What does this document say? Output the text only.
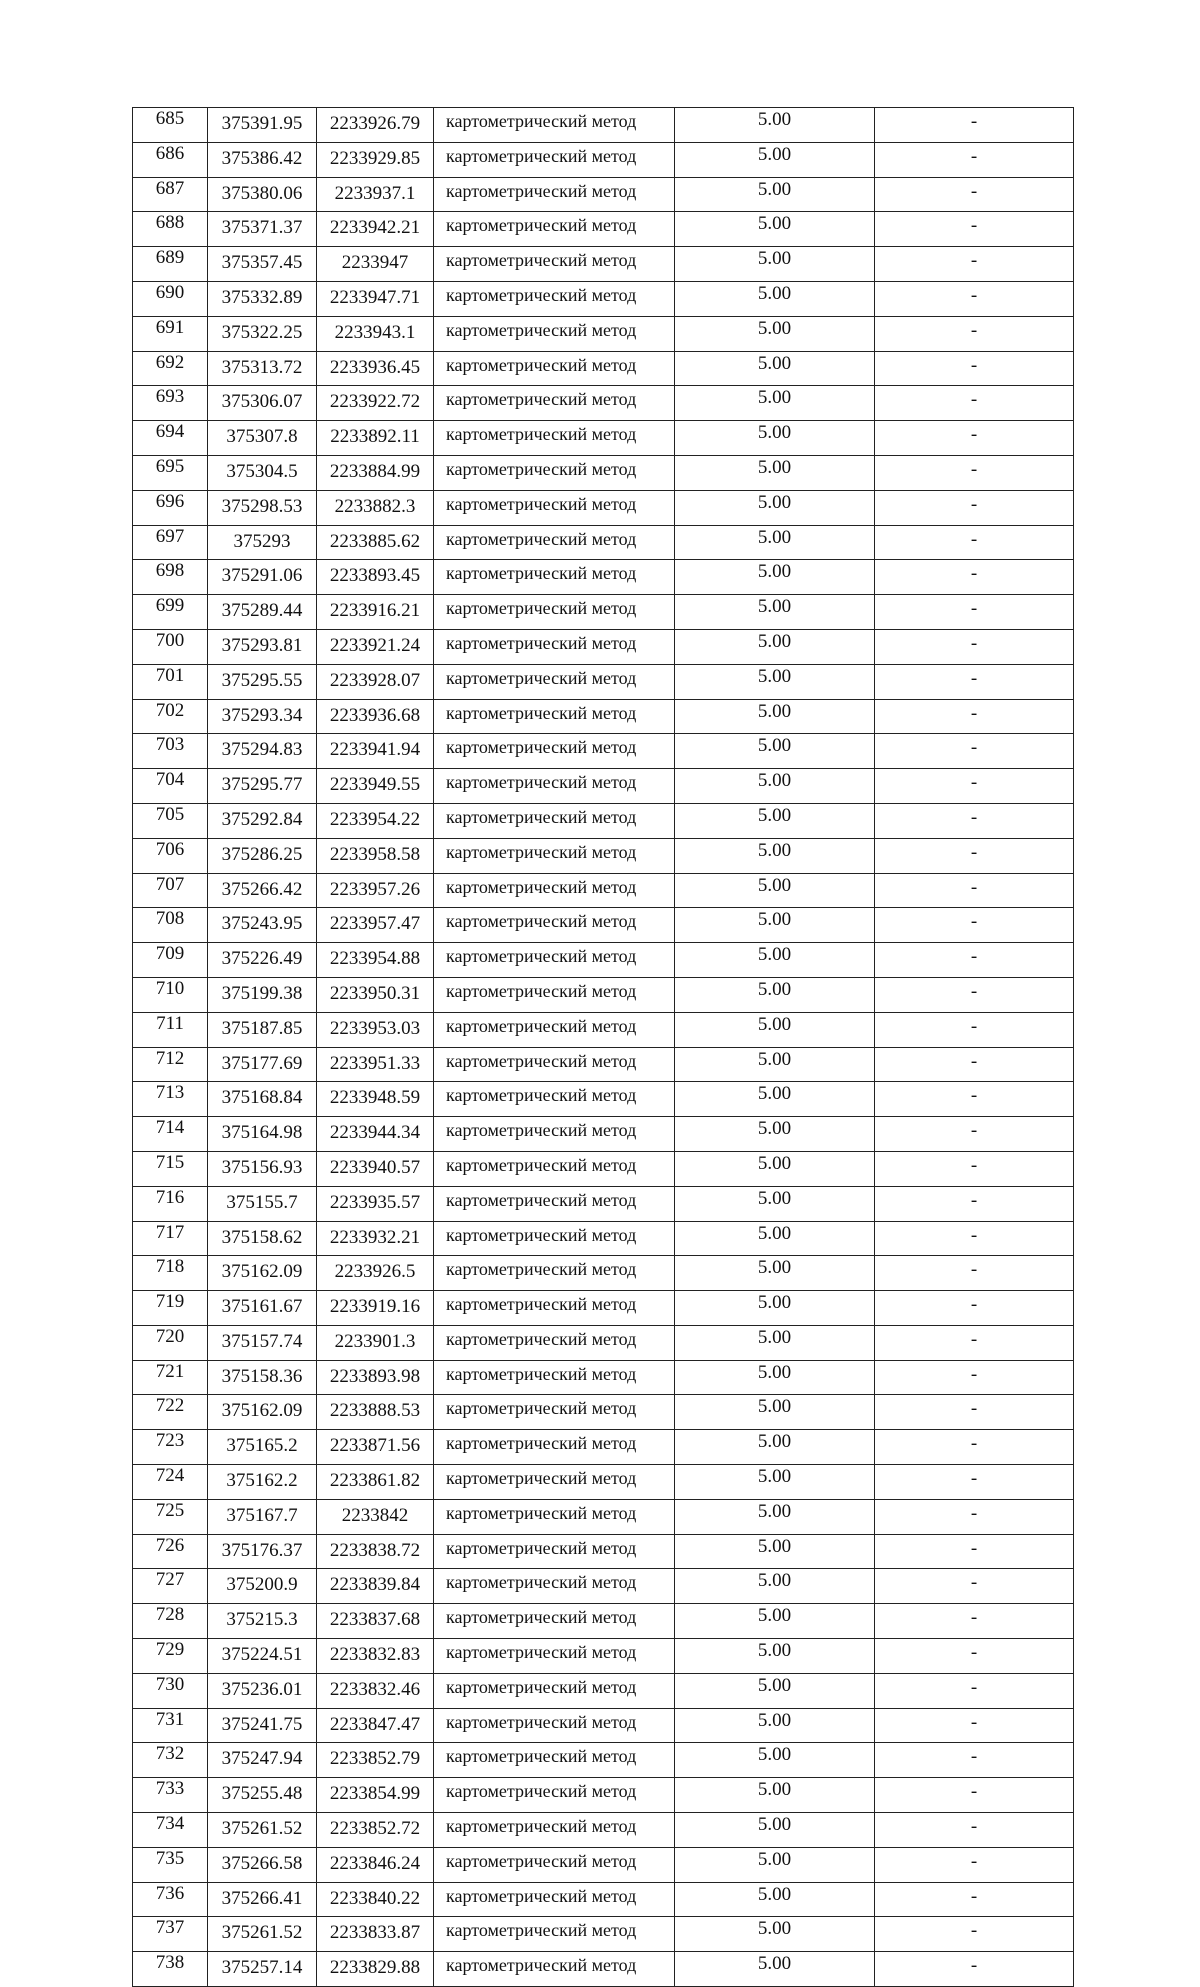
685	375391.95	2233926.79	картометрический метод	5.00	-
686	375386.42	2233929.85	картометрический метод	5.00	-
687	375380.06	2233937.1	картометрический метод	5.00	-
688	375371.37	2233942.21	картометрический метод	5.00	-
689	375357.45	2233947	картометрический метод	5.00	-
690	375332.89	2233947.71	картометрический метод	5.00	-
691	375322.25	2233943.1	картометрический метод	5.00	-
692	375313.72	2233936.45	картометрический метод	5.00	-
693	375306.07	2233922.72	картометрический метод	5.00	-
694	375307.8	2233892.11	картометрический метод	5.00	-
695	375304.5	2233884.99	картометрический метод	5.00	-
696	375298.53	2233882.3	картометрический метод	5.00	-
697	375293	2233885.62	картометрический метод	5.00	-
698	375291.06	2233893.45	картометрический метод	5.00	-
699	375289.44	2233916.21	картометрический метод	5.00	-
700	375293.81	2233921.24	картометрический метод	5.00	-
701	375295.55	2233928.07	картометрический метод	5.00	-
702	375293.34	2233936.68	картометрический метод	5.00	-
703	375294.83	2233941.94	картометрический метод	5.00	-
704	375295.77	2233949.55	картометрический метод	5.00	-
705	375292.84	2233954.22	картометрический метод	5.00	-
706	375286.25	2233958.58	картометрический метод	5.00	-
707	375266.42	2233957.26	картометрический метод	5.00	-
708	375243.95	2233957.47	картометрический метод	5.00	-
709	375226.49	2233954.88	картометрический метод	5.00	-
710	375199.38	2233950.31	картометрический метод	5.00	-
711	375187.85	2233953.03	картометрический метод	5.00	-
712	375177.69	2233951.33	картометрический метод	5.00	-
713	375168.84	2233948.59	картометрический метод	5.00	-
714	375164.98	2233944.34	картометрический метод	5.00	-
715	375156.93	2233940.57	картометрический метод	5.00	-
716	375155.7	2233935.57	картометрический метод	5.00	-
717	375158.62	2233932.21	картометрический метод	5.00	-
718	375162.09	2233926.5	картометрический метод	5.00	-
719	375161.67	2233919.16	картометрический метод	5.00	-
720	375157.74	2233901.3	картометрический метод	5.00	-
721	375158.36	2233893.98	картометрический метод	5.00	-
722	375162.09	2233888.53	картометрический метод	5.00	-
723	375165.2	2233871.56	картометрический метод	5.00	-
724	375162.2	2233861.82	картометрический метод	5.00	-
725	375167.7	2233842	картометрический метод	5.00	-
726	375176.37	2233838.72	картометрический метод	5.00	-
727	375200.9	2233839.84	картометрический метод	5.00	-
728	375215.3	2233837.68	картометрический метод	5.00	-
729	375224.51	2233832.83	картометрический метод	5.00	-
730	375236.01	2233832.46	картометрический метод	5.00	-
731	375241.75	2233847.47	картометрический метод	5.00	-
732	375247.94	2233852.79	картометрический метод	5.00	-
733	375255.48	2233854.99	картометрический метод	5.00	-
734	375261.52	2233852.72	картометрический метод	5.00	-
735	375266.58	2233846.24	картометрический метод	5.00	-
736	375266.41	2233840.22	картометрический метод	5.00	-
737	375261.52	2233833.87	картометрический метод	5.00	-
738	375257.14	2233829.88	картометрический метод	5.00	-
